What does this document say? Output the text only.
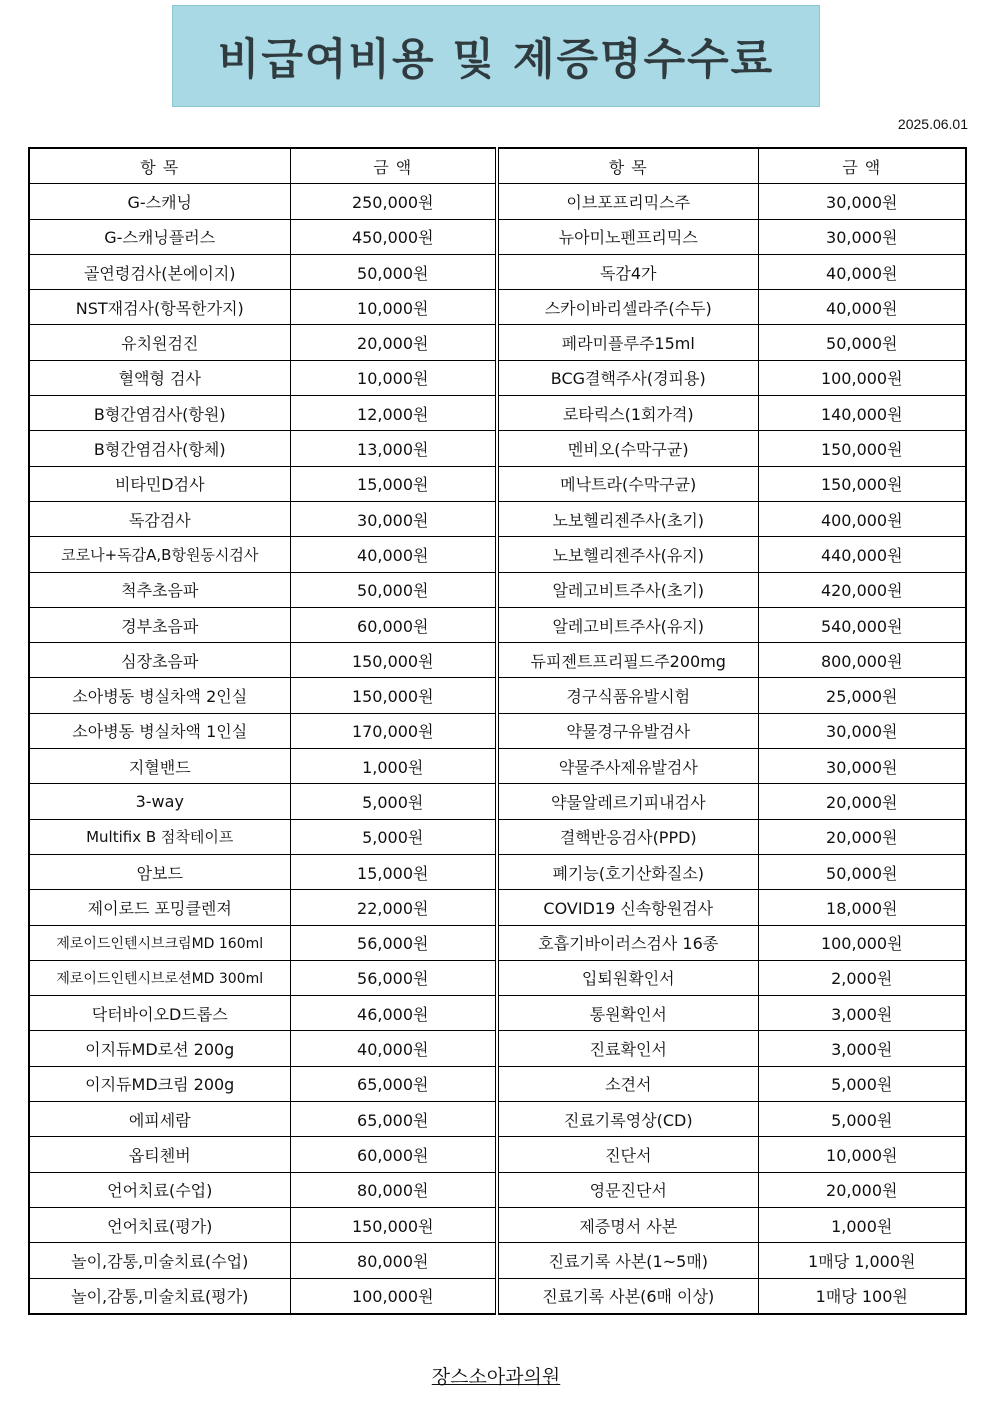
비급여비용 및 제증명수수료
2025.06.01
항 목	금 액	항 목	금 액
G-스캐닝	250,000원	이브포프리믹스주	30,000원
G-스캐닝플러스	450,000원	뉴아미노펜프리믹스	30,000원
골연령검사(본에이지)	50,000원	독감4가	40,000원
NST재검사(항목한가지)	10,000원	스카이바리셀라주(수두)	40,000원
유치원검진	20,000원	페라미플루주15ml	50,000원
혈액형 검사	10,000원	BCG결핵주사(경피용)	100,000원
B형간염검사(항원)	12,000원	로타릭스(1회가격)	140,000원
B형간염검사(항체)	13,000원	멘비오(수막구균)	150,000원
비타민D검사	15,000원	메낙트라(수막구균)	150,000원
독감검사	30,000원	노보헬리젠주사(초기)	400,000원
코로나+독감A,B항원동시검사	40,000원	노보헬리젠주사(유지)	440,000원
척추초음파	50,000원	알레고비트주사(초기)	420,000원
경부초음파	60,000원	알레고비트주사(유지)	540,000원
심장초음파	150,000원	듀피젠트프리필드주200mg	800,000원
소아병동 병실차액 2인실	150,000원	경구식품유발시험	25,000원
소아병동 병실차액 1인실	170,000원	약물경구유발검사	30,000원
지혈밴드	1,000원	약물주사제유발검사	30,000원
3-way	5,000원	약물알레르기피내검사	20,000원
Multifix B 점착테이프	5,000원	결핵반응검사(PPD)	20,000원
암보드	15,000원	폐기능(호기산화질소)	50,000원
제이로드 포밍클렌져	22,000원	COVID19 신속항원검사	18,000원
제로이드인텐시브크림MD 160ml	56,000원	호흡기바이러스검사 16종	100,000원
제로이드인텐시브로션MD 300ml	56,000원	입퇴원확인서	2,000원
닥터바이오D드롭스	46,000원	통원확인서	3,000원
이지듀MD로션 200g	40,000원	진료확인서	3,000원
이지듀MD크림 200g	65,000원	소견서	5,000원
에피세람	65,000원	진료기록영상(CD)	5,000원
옵티첸버	60,000원	진단서	10,000원
언어치료(수업)	80,000원	영문진단서	20,000원
언어치료(평가)	150,000원	제증명서 사본	1,000원
놀이,감통,미술치료(수업)	80,000원	진료기록 사본(1~5매)	1매당 1,000원
놀이,감통,미술치료(평가)	100,000원	진료기록 사본(6매 이상)	1매당 100원
장스소아과의원
